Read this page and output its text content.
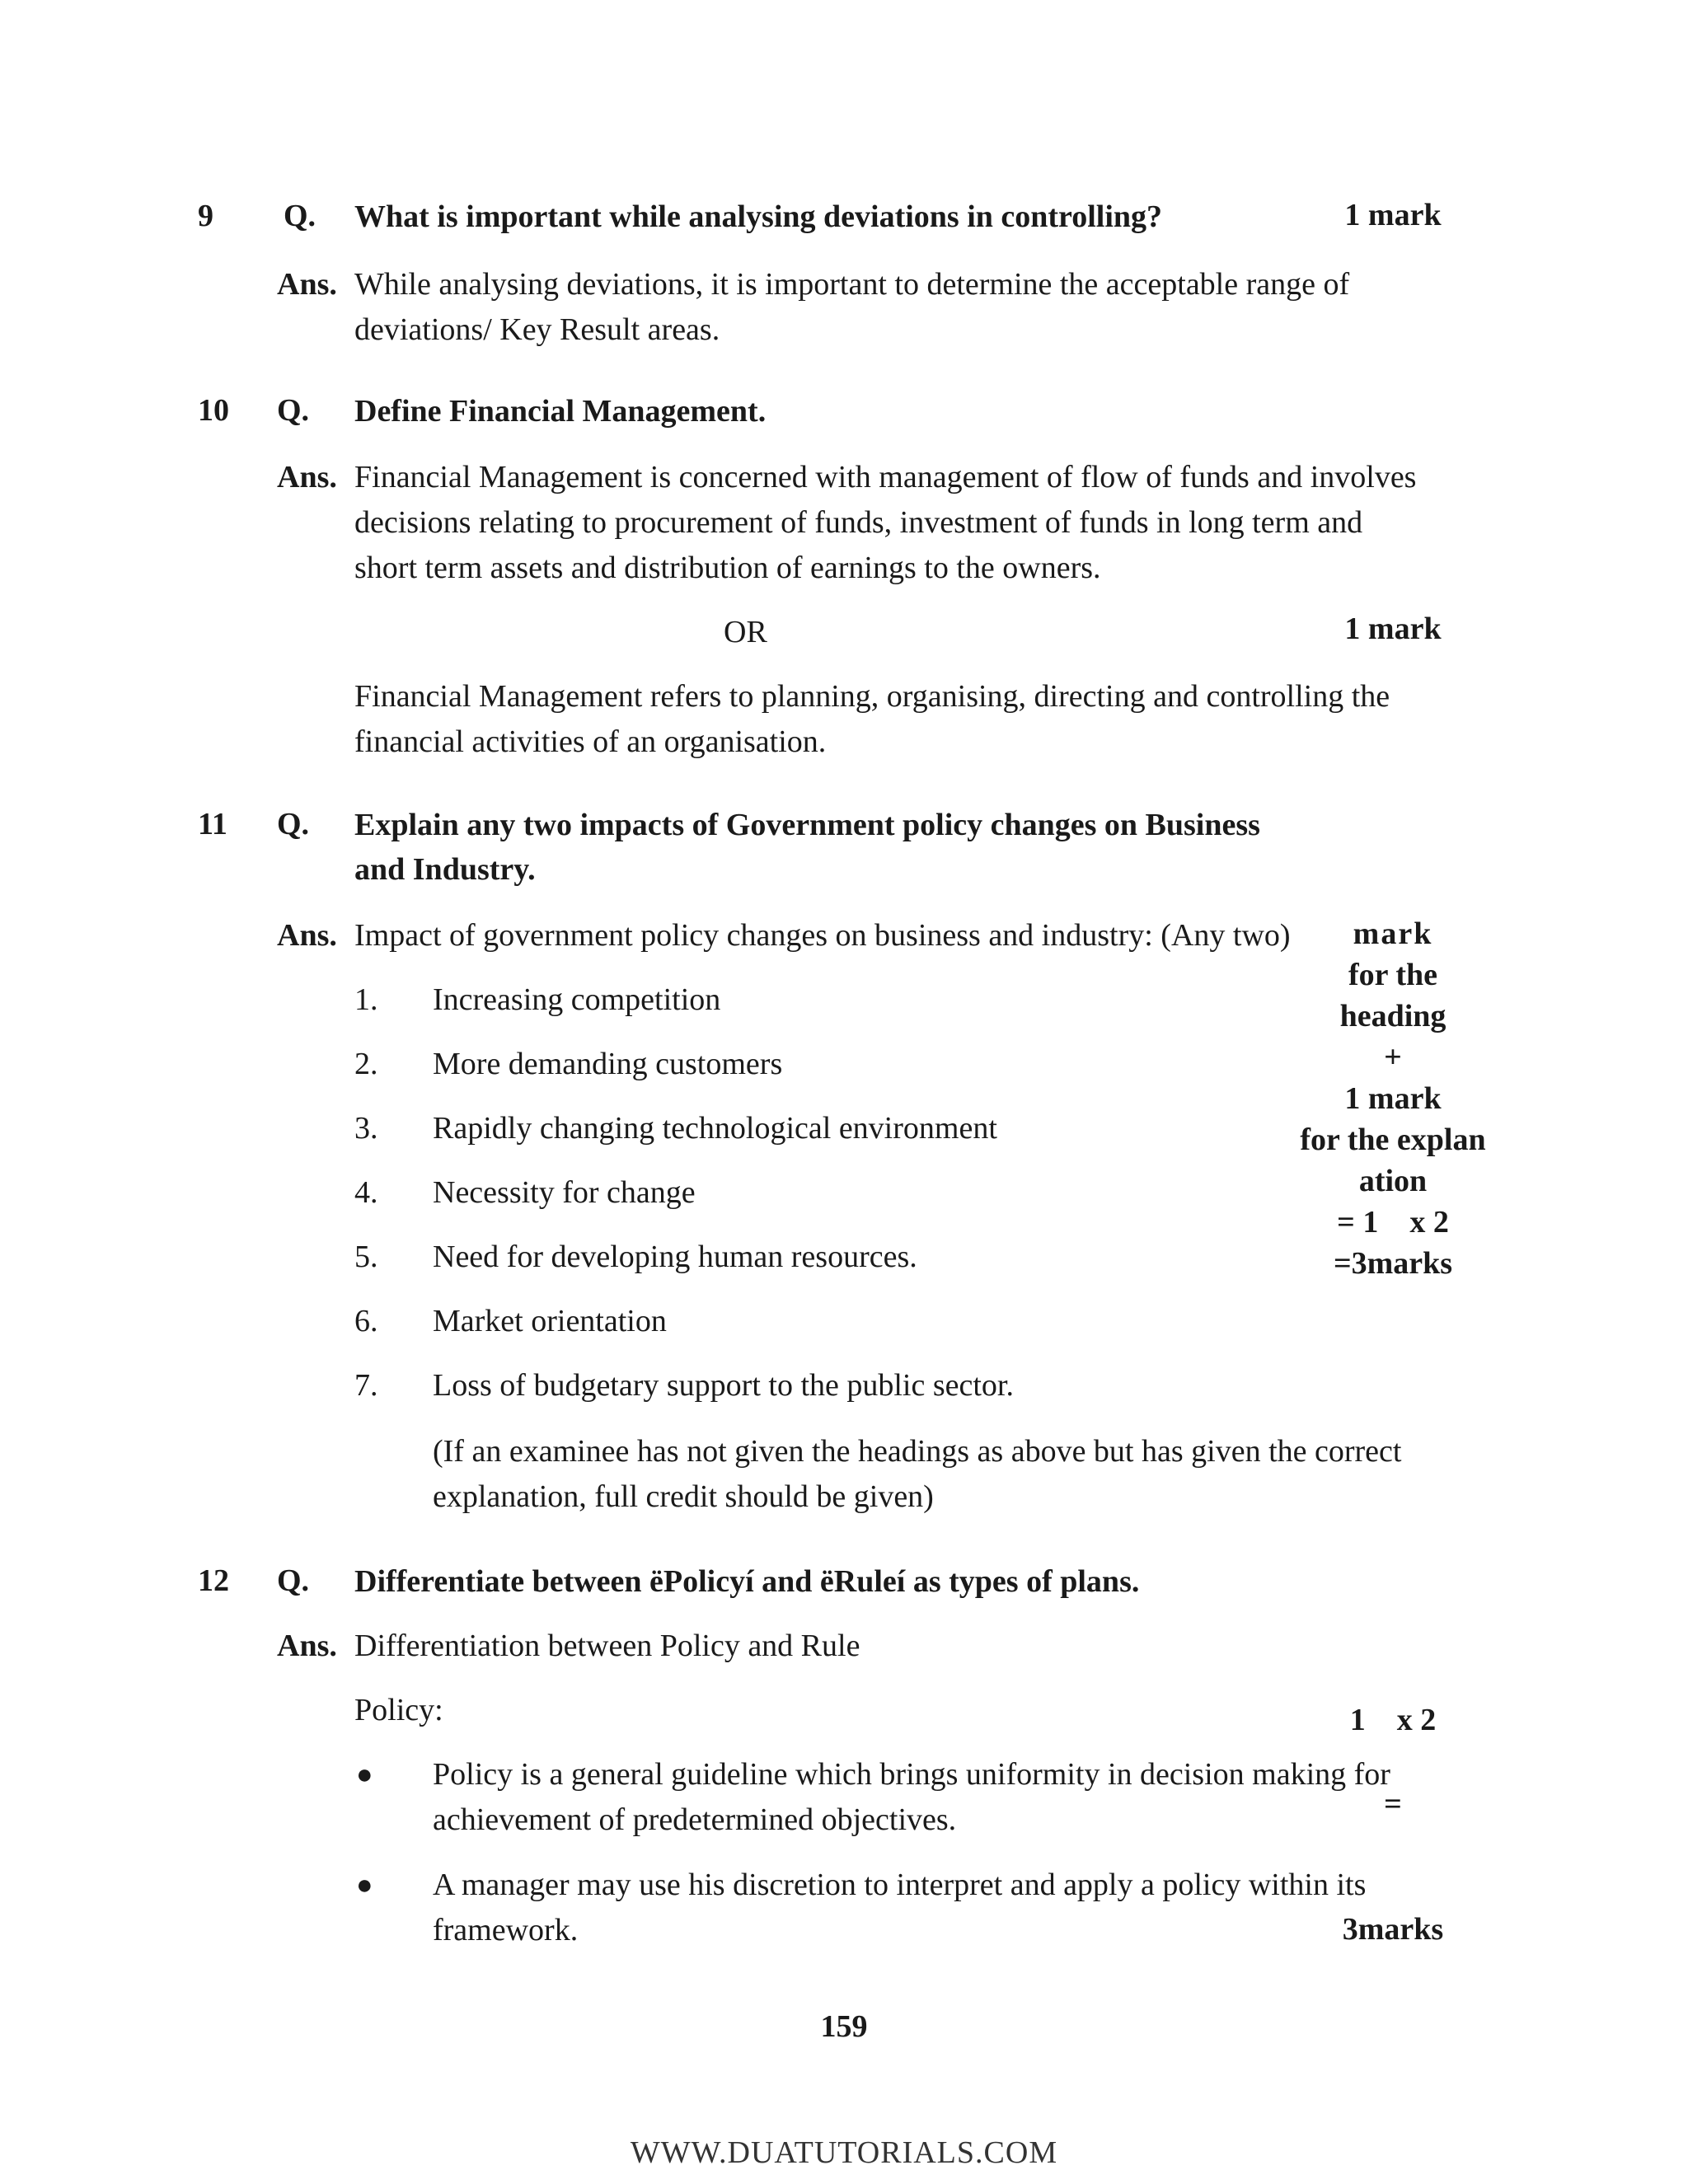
9 Q. What is important while analysing deviations in controlling?	1 mark
Ans. While analysing deviations, it is important to determine the acceptable range of deviations/ Key Result areas.
10 Q. Define Financial Management.
Ans. Financial Management is concerned with management of flow of funds and involves decisions relating to procurement of funds, investment of funds in long term and short term assets and distribution of earnings to the owners.
OR	1 mark
Financial Management refers to planning, organising, directing and controlling the financial activities of an organisation.
11 Q. Explain any two impacts of Government policy changes on Business
and Industry.
Ans. Impact of government policy changes on business and industry: (Any two)
1. Increasing competition
2. More demanding customers
3. Rapidly changing technological environment
4. Necessity for change
5. Need for developing human resources.
6. Market orientation
7. Loss of budgetary support to the public sector.
(If an examinee has not given the headings as above but has given the correct explanation, full credit should be given)
mark
for the
heading
+
1 mark
for the explan
ation
= 1    x 2
=3marks
12 Q. Differentiate between ëPolicyí and ëRuleí as types of plans.
Ans. Differentiation between Policy and Rule
Policy:
● Policy is a general guideline which brings uniformity in decision making for achievement of predetermined objectives.
● A manager may use his discretion to interpret and apply a policy within its framework.
1    x 2
=
3marks
159
WWW.DUATUTORIALS.COM
